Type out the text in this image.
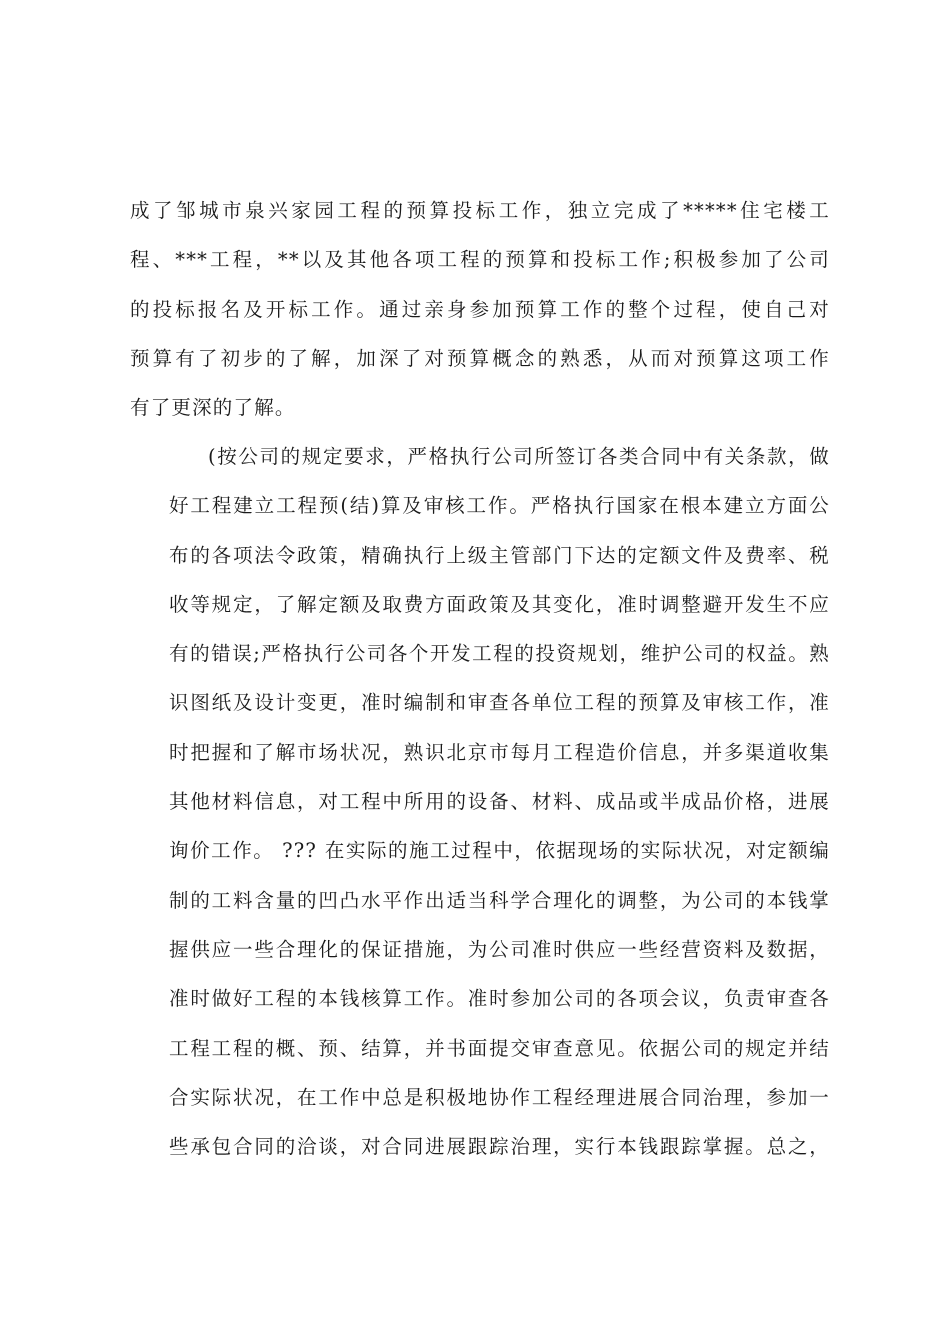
成了邹城市泉兴家园工程的预算投标工作，独立完成了*****住宅楼工
程、***工程，**以及其他各项工程的预算和投标工作;积极参加了公司
的投标报名及开标工作。通过亲身参加预算工作的整个过程，使自己对
预算有了初步的了解，加深了对预算概念的熟悉，从而对预算这项工作
有了更深的了解。
(按公司的规定要求，严格执行公司所签订各类合同中有关条款，做
好工程建立工程预(结)算及审核工作。严格执行国家在根本建立方面公
布的各项法令政策，精确执行上级主管部门下达的定额文件及费率、税
收等规定，了解定额及取费方面政策及其变化，准时调整避开发生不应
有的错误;严格执行公司各个开发工程的投资规划，维护公司的权益。熟
识图纸及设计变更，准时编制和审查各单位工程的预算及审核工作，准
时把握和了解市场状况，熟识北京市每月工程造价信息，并多渠道收集
其他材料信息，对工程中所用的设备、材料、成品或半成品价格，进展
询价工作。 ??? 在实际的施工过程中，依据现场的实际状况，对定额编
制的工料含量的凹凸水平作出适当科学合理化的调整，为公司的本钱掌
握供应一些合理化的保证措施，为公司准时供应一些经营资料及数据，
准时做好工程的本钱核算工作。准时参加公司的各项会议，负责审查各
工程工程的概、预、结算，并书面提交审查意见。依据公司的规定并结
合实际状况，在工作中总是积极地协作工程经理进展合同治理，参加一
些承包合同的洽谈，对合同进展跟踪治理，实行本钱跟踪掌握。总之，
